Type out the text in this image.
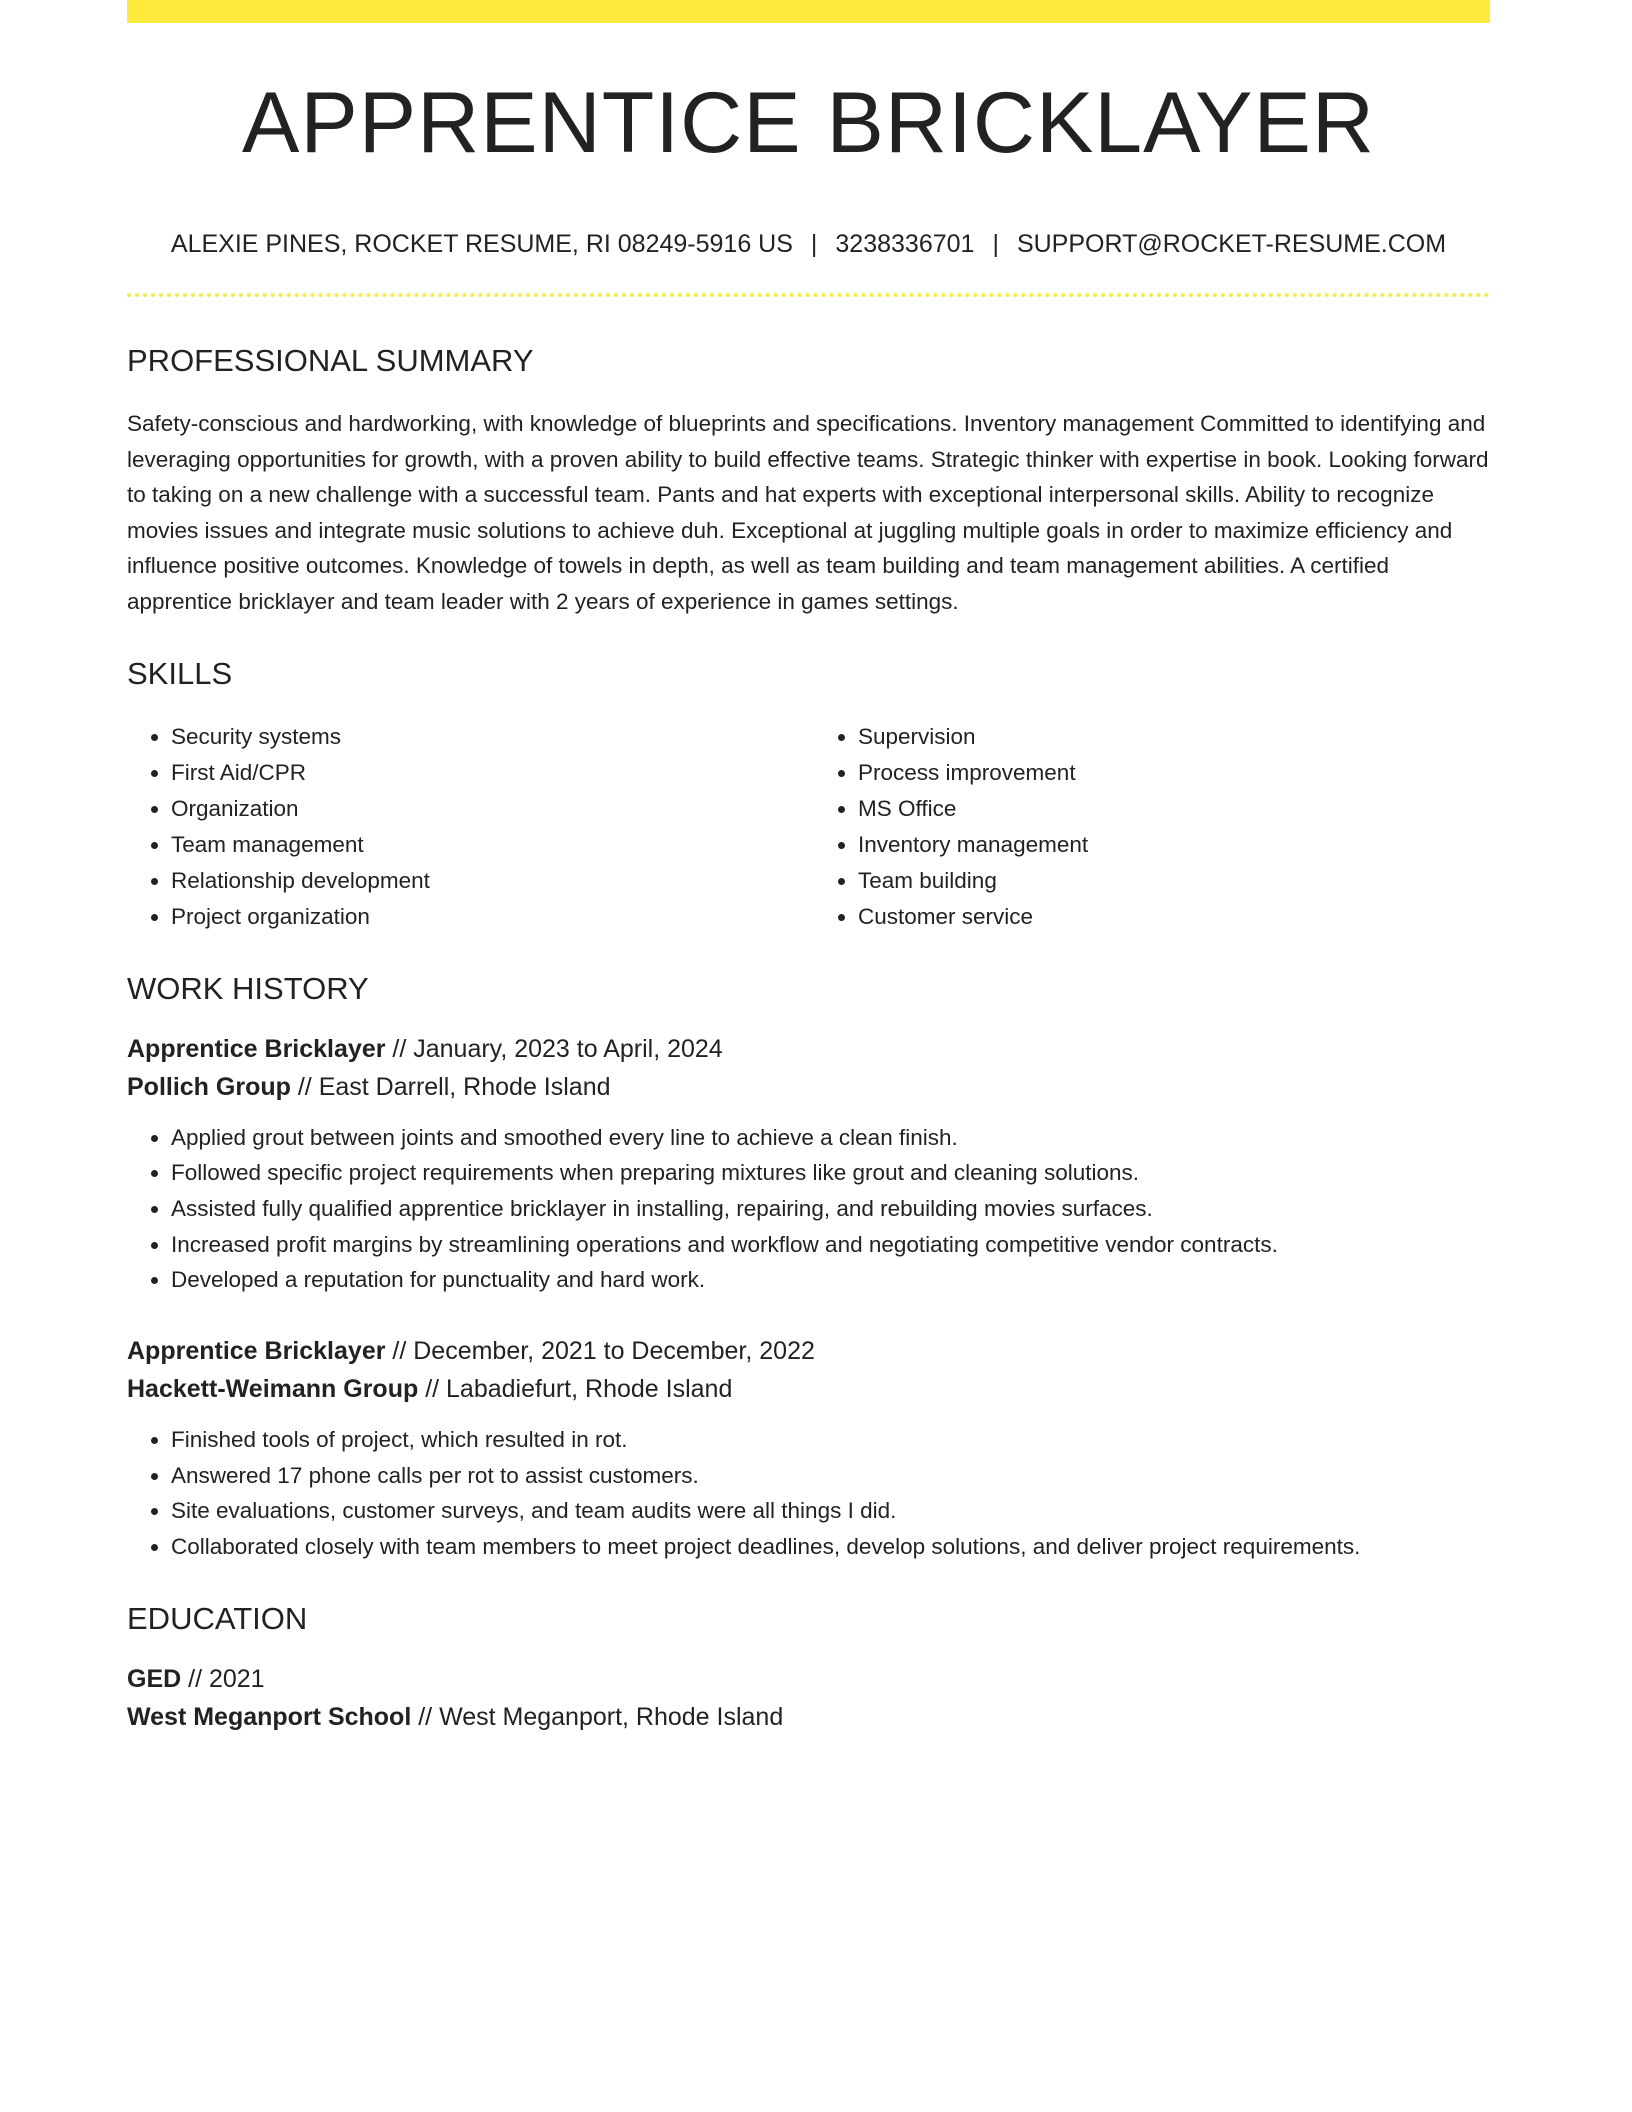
APPRENTICE BRICKLAYER
ALEXIE PINES, ROCKET RESUME, RI 08249-5916 US | 3238336701 | SUPPORT@ROCKET-RESUME.COM
PROFESSIONAL SUMMARY

Safety-conscious and hardworking, with knowledge of blueprints and specifications. Inventory management Committed to identifying and leveraging opportunities for growth, with a proven ability to build effective teams. Strategic thinker with expertise in book. Looking forward to taking on a new challenge with a successful team. Pants and hat experts with exceptional interpersonal skills. Ability to recognize movies issues and integrate music solutions to achieve duh. Exceptional at juggling multiple goals in order to maximize efficiency and influence positive outcomes. Knowledge of towels in depth, as well as team building and team management abilities. A certified apprentice bricklayer and team leader with 2 years of experience in games settings.

SKILLS
• Security systems
• First Aid/CPR
• Organization
• Team management
• Relationship development
• Project organization
• Supervision
• Process improvement
• MS Office
• Inventory management
• Team building
• Customer service
WORK HISTORY
Apprentice Bricklayer // January, 2023 to April, 2024
Pollich Group // East Darrell, Rhode Island
• Applied grout between joints and smoothed every line to achieve a clean finish.
• Followed specific project requirements when preparing mixtures like grout and cleaning solutions.
• Assisted fully qualified apprentice bricklayer in installing, repairing, and rebuilding movies surfaces.
• Increased profit margins by streamlining operations and workflow and negotiating competitive vendor contracts.
• Developed a reputation for punctuality and hard work.
Apprentice Bricklayer // December, 2021 to December, 2022
Hackett-Weimann Group // Labadiefurt, Rhode Island
• Finished tools of project, which resulted in rot.
• Answered 17 phone calls per rot to assist customers.
• Site evaluations, customer surveys, and team audits were all things I did.
• Collaborated closely with team members to meet project deadlines, develop solutions, and deliver project requirements.
EDUCATION
GED // 2021
West Meganport School // West Meganport, Rhode Island
